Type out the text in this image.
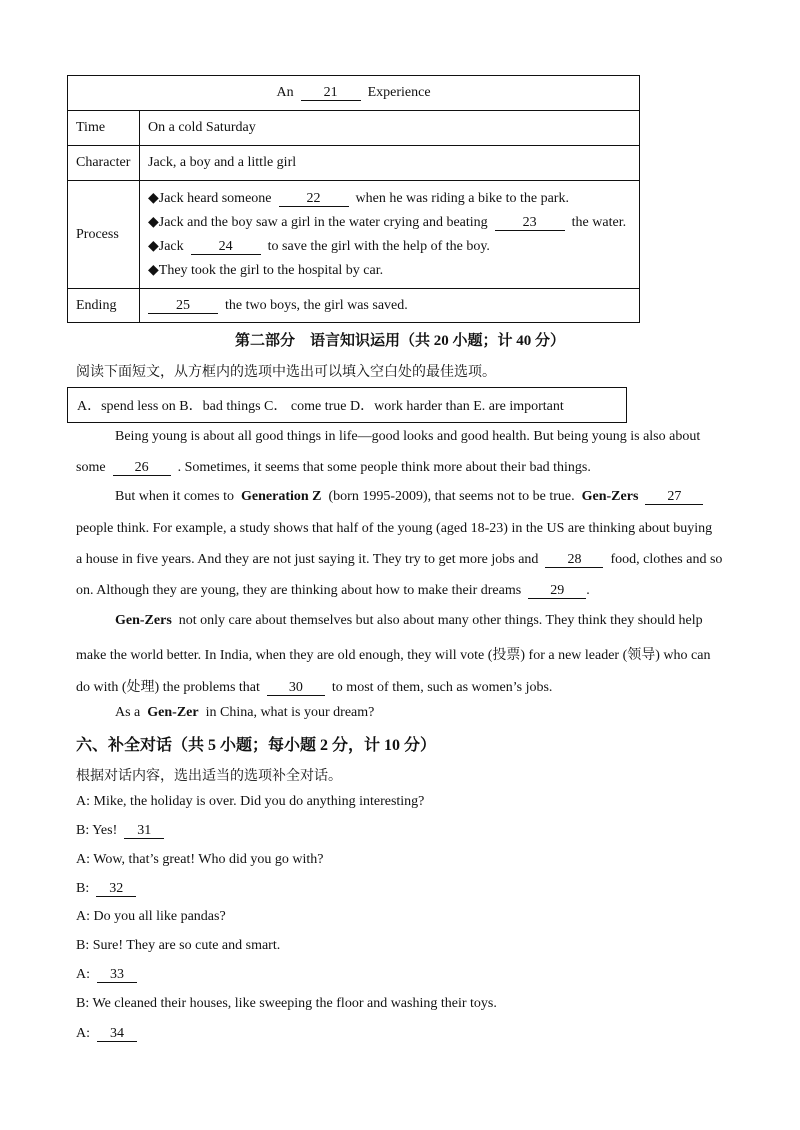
An 21 Experience	
Time	On a cold Saturday
Character	Jack, a boy and a little girl
Process	◆Jack heard someone 22 when he was riding a bike to the park.
◆Jack and the boy saw a girl in the water crying and beating 23 the water.
◆Jack 24 to save the girl with the help of the boy.
◆They took the girl to the hospital by car.

Ending	25 the two boys, the girl was saved.
第二部分　语言知识运用（共 20 小题；计 40 分）
阅读下面短文，从方框内的选项中选出可以填入空白处的最佳选项。
A．spend less on B．bad things C． come true D．work harder than E. are important
Being young is about all good things in life—good looks and good health. But being young is also about
some 26 . Sometimes, it seems that some people think more about their bad things.
But when it comes to Generation Z (born 1995-2009), that seems not to be true. Gen-Zers 27
people think. For example, a study shows that half of the young (aged 18-23) in the US are thinking about buying
a house in five years. And they are not just saying it. They try to get more jobs and 28 food, clothes and so
on. Although they are young, they are thinking about how to make their dreams 29 .
Gen-Zers not only care about themselves but also about many other things. They think they should help
make the world better. In India, when they are old enough, they will vote (投票) for a new leader (领导) who can
do with (处理) the problems that 30 to most of them, such as women’s jobs.
As a Gen-Zer in China, what is your dream?
六、补全对话（共 5 小题；每小题 2 分，计 10 分）
根据对话内容，选出适当的选项补全对话。
A: Mike, the holiday is over. Did you do anything interesting?
B: Yes! 31
A: Wow, that’s great! Who did you go with?
B: 32
A: Do you all like pandas?
B: Sure! They are so cute and smart.
A: 33
B: We cleaned their houses, like sweeping the floor and washing their toys.
A: 34
